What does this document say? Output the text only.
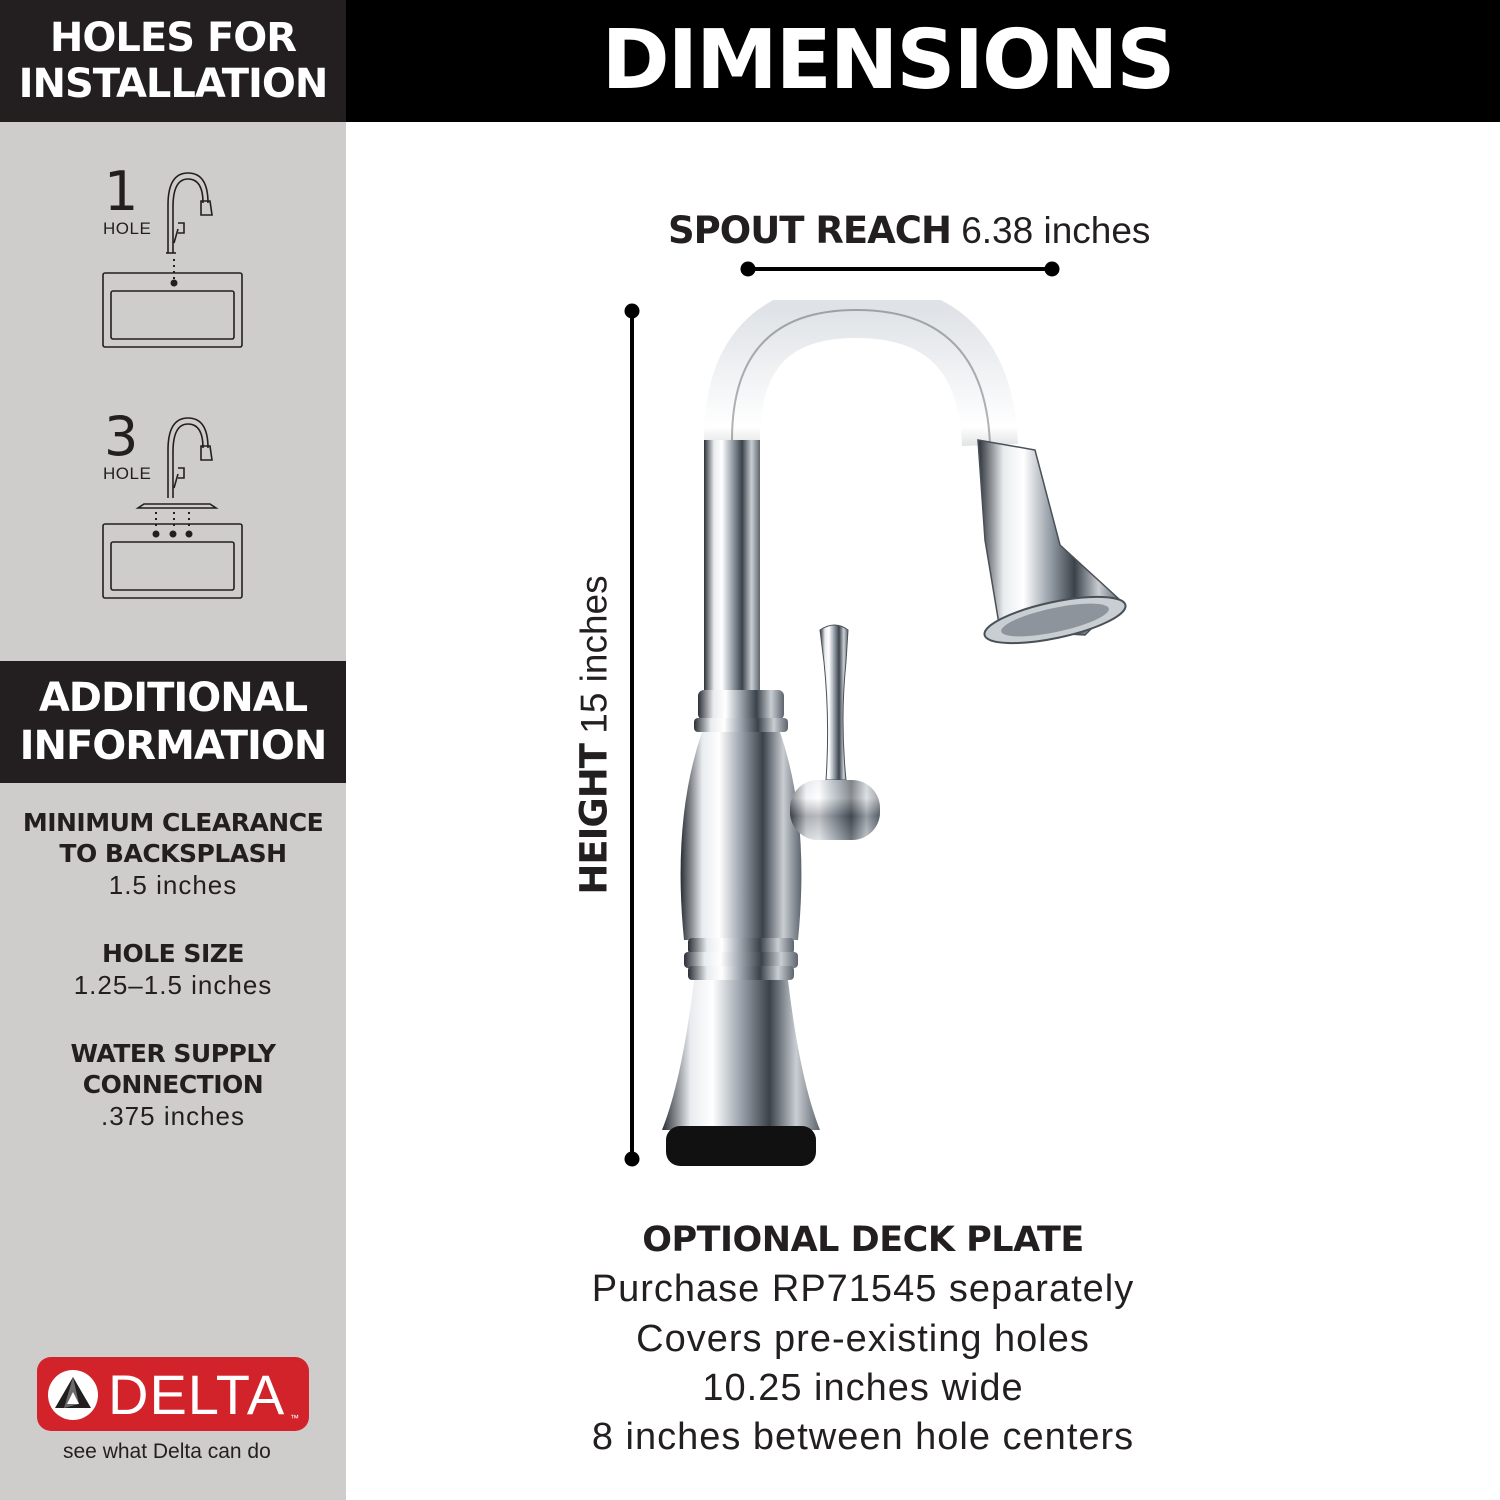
HOLES FOR
INSTALLATION
1
HOLE
3
HOLE
ADDITIONAL
INFORMATION
MINIMUM CLEARANCE
TO BACKSPLASH
1.5 inches
HOLE SIZE
1.25–1.5 inches
WATER SUPPLY
CONNECTION
.375 inches
DELTA ™
see what Delta can do
DIMENSIONS
SPOUT REACH 6.38 inches
HEIGHT 15 inches
OPTIONAL DECK PLATE
Purchase RP71545 separately
Covers pre-existing holes
10.25 inches wide
8 inches between hole centers
